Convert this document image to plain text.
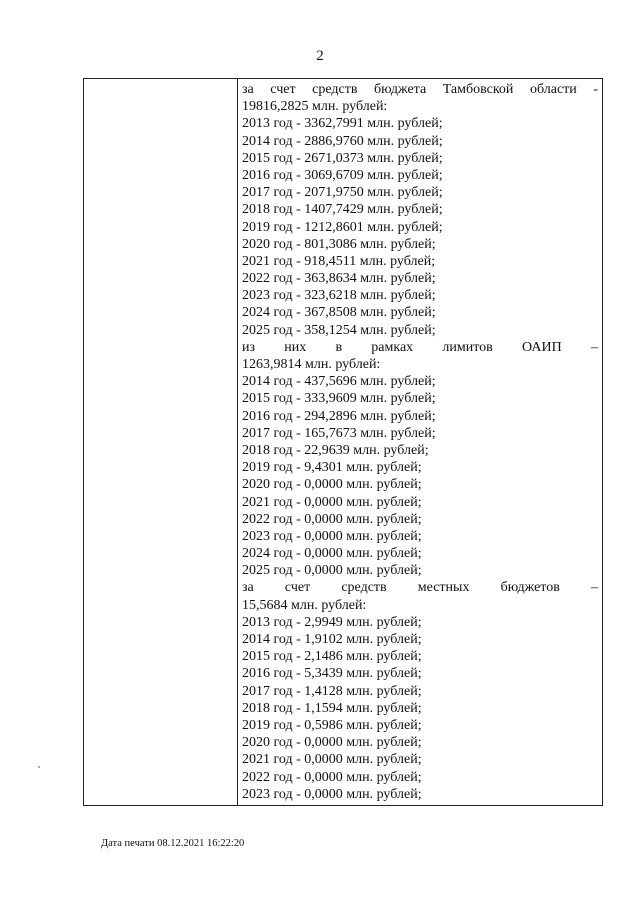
2
за счет средств бюджета Тамбовской области -
19816,2825 млн. рублей:
2013 год - 3362,7991 млн. рублей;
2014 год - 2886,9760 млн. рублей;
2015 год - 2671,0373 млн. рублей;
2016 год - 3069,6709 млн. рублей;
2017 год - 2071,9750 млн. рублей;
2018 год - 1407,7429 млн. рублей;
2019 год - 1212,8601 млн. рублей;
2020 год - 801,3086 млн. рублей;
2021 год - 918,4511 млн. рублей;
2022 год - 363,8634 млн. рублей;
2023 год - 323,6218 млн. рублей;
2024 год - 367,8508 млн. рублей;
2025 год - 358,1254 млн. рублей;
из них в рамках лимитов ОАИП –
1263,9814 млн. рублей:
2014 год - 437,5696 млн. рублей;
2015 год - 333,9609 млн. рублей;
2016 год - 294,2896 млн. рублей;
2017 год - 165,7673 млн. рублей;
2018 год - 22,9639 млн. рублей;
2019 год - 9,4301 млн. рублей;
2020 год - 0,0000 млн. рублей;
2021 год - 0,0000 млн. рублей;
2022 год - 0,0000 млн. рублей;
2023 год - 0,0000 млн. рублей;
2024 год - 0,0000 млн. рублей;
2025 год - 0,0000 млн. рублей;
за счет средств местных бюджетов –
15,5684 млн. рублей:
2013 год - 2,9949 млн. рублей;
2014 год - 1,9102 млн. рублей;
2015 год - 2,1486 млн. рублей;
2016 год - 5,3439 млн. рублей;
2017 год - 1,4128 млн. рублей;
2018 год - 1,1594 млн. рублей;
2019 год - 0,5986 млн. рублей;
2020 год - 0,0000 млн. рублей;
2021 год - 0,0000 млн. рублей;
2022 год - 0,0000 млн. рублей;
2023 год - 0,0000 млн. рублей;
Дата печати 08.12.2021 16:22:20
